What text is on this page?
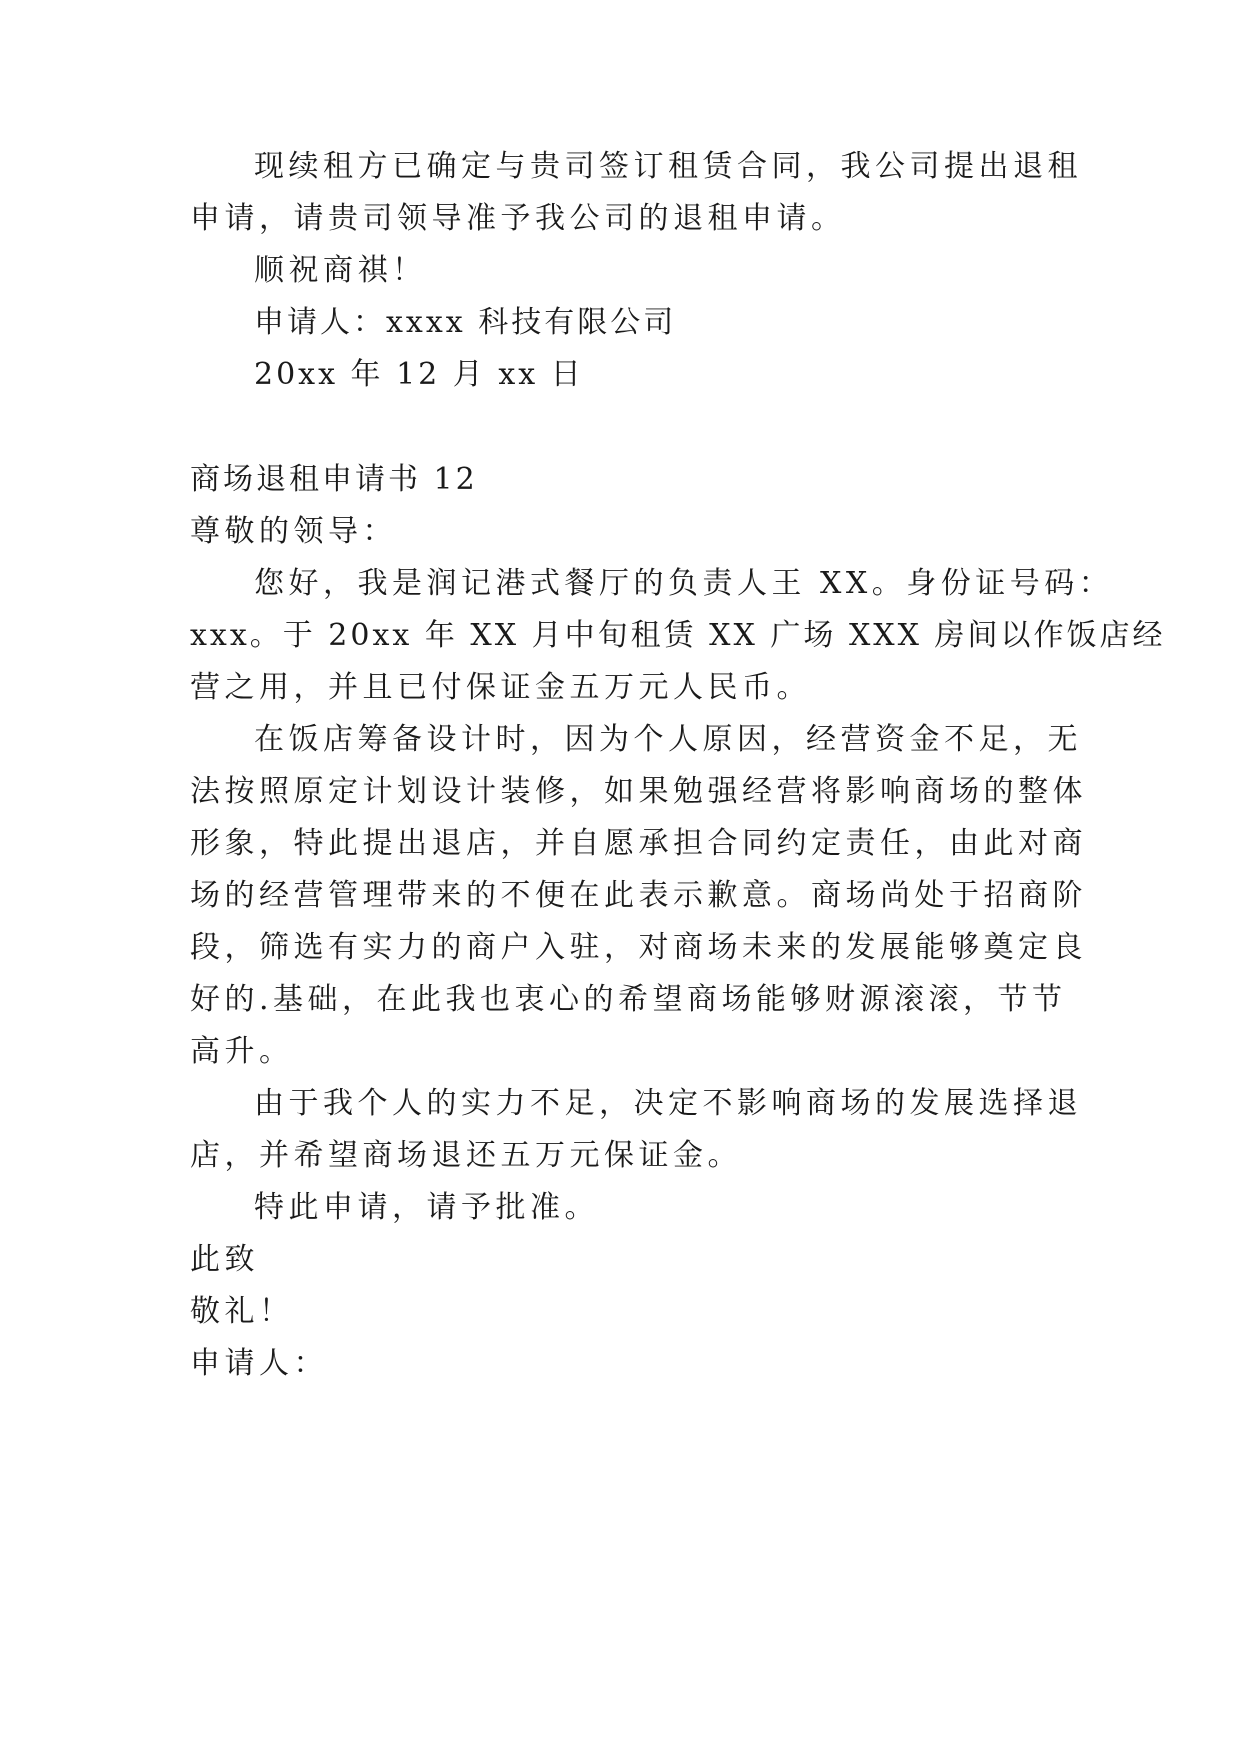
现续租方已确定与贵司签订租赁合同，我公司提出退租
申请，请贵司领导准予我公司的退租申请。
顺祝商祺！
申请人：xxxx 科技有限公司
20xx 年 12 月 xx 日
商场退租申请书 12
尊敬的领导：
您好，我是润记港式餐厅的负责人王 XX。身份证号码：
xxx。于 20xx 年 XX 月中旬租赁 XX 广场 XXX 房间以作饭店经
营之用，并且已付保证金五万元人民币。
在饭店筹备设计时，因为个人原因，经营资金不足，无
法按照原定计划设计装修，如果勉强经营将影响商场的整体
形象，特此提出退店，并自愿承担合同约定责任，由此对商
场的经营管理带来的不便在此表示歉意。商场尚处于招商阶
段，筛选有实力的商户入驻，对商场未来的发展能够奠定良
好的.基础，在此我也衷心的希望商场能够财源滚滚，节节
高升。
由于我个人的实力不足，决定不影响商场的发展选择退
店，并希望商场退还五万元保证金。
特此申请，请予批准。
此致
敬礼！
申请人：
